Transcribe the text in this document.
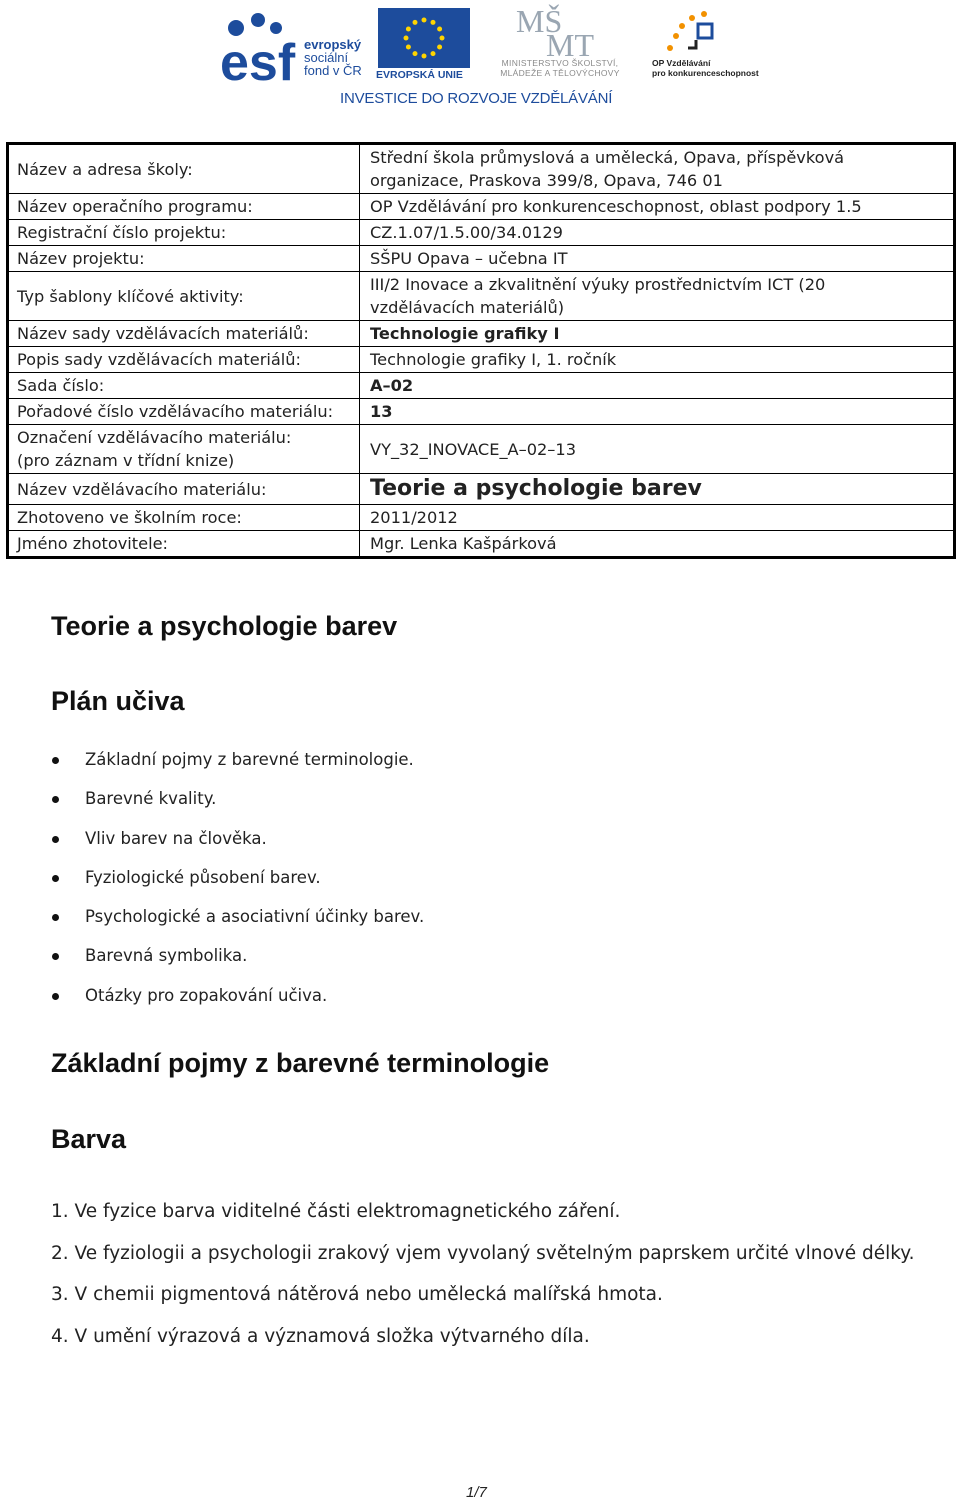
esf evropský
sociální
fond v ČR EVROPSKÁ UNIE
MŠ
MT
MINISTERSTVO ŠKOLSTVÍ,
MLÁDEŽE A TĚLOVÝCHOVY
OP Vzdělávání
pro konkurenceschopnost
INVESTICE DO ROZVOJE VZDĚLÁVÁNÍ
Název a adresa školy:	Střední škola průmyslová a umělecká, Opava, příspěvková
organizace, Praskova 399/8, Opava, 746 01

Název operačního programu:	OP Vzdělávání pro konkurenceschopnost, oblast podpory 1.5
Registrační číslo projektu:	CZ.1.07/1.5.00/34.0129
Název projektu:	SŠPU Opava – učebna IT
Typ šablony klíčové aktivity:	III/2 Inovace a zkvalitnění výuky prostřednictvím ICT (20
vzdělávacích materiálů)

Název sady vzdělávacích materiálů:	Technologie grafiky I
Popis sady vzdělávacích materiálů:	Technologie grafiky I, 1. ročník
Sada číslo:	A–02
Pořadové číslo vzdělávacího materiálu:	13

Označení vzdělávacího materiálu:
(pro záznam v třídní knize)	VY_32_INOVACE_A–02–13
Název vzdělávacího materiálu:	Teorie a psychologie barev
Zhotoveno ve školním roce:	2011/2012
Jméno zhotovitele:	Mgr. Lenka Kašpárková
Teorie a psychologie barev
Plán učiva
Základní pojmy z barevné terminologie.
Barevné kvality.
Vliv barev na člověka.
Fyziologické působení barev.
Psychologické a asociativní účinky barev.
Barevná symbolika.
Otázky pro zopakování učiva.
Základní pojmy z barevné terminologie
Barva
1. Ve fyzice barva viditelné části elektromagnetického záření.
2. Ve fyziologii a psychologii zrakový vjem vyvolaný světelným paprskem určité vlnové délky.
3. V chemii pigmentová nátěrová nebo umělecká malířská hmota.
4. V umění výrazová a významová složka výtvarného díla.
1/7
